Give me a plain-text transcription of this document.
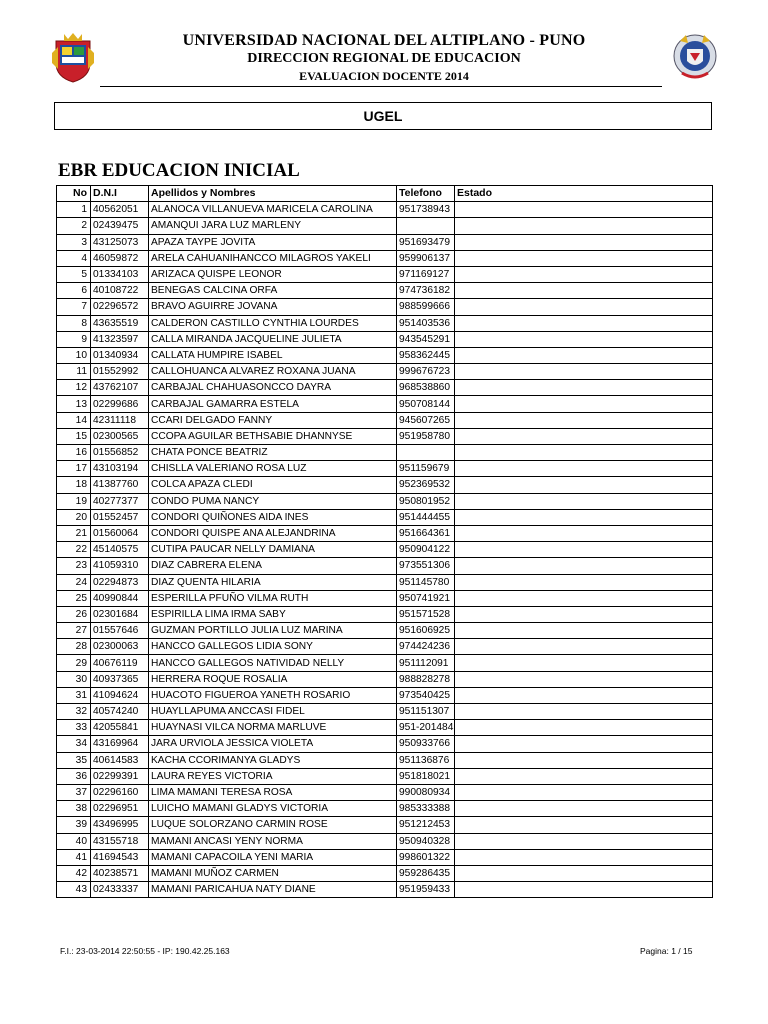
UNIVERSIDAD NACIONAL DEL ALTIPLANO - PUNO
DIRECCION REGIONAL DE EDUCACION
EVALUACION DOCENTE 2014
UGEL
EBR EDUCACION INICIAL
No	D.N.I	Apellidos y Nombres	Telefono	Estado
1	40562051	ALANOCA VILLANUEVA MARICELA CAROLINA	951738943	
2	02439475	AMANQUI JARA LUZ MARLENY		
3	43125073	APAZA TAYPE JOVITA	951693479	
4	46059872	ARELA CAHUANIHANCCO MILAGROS YAKELI	959906137	
5	01334103	ARIZACA QUISPE LEONOR	971169127	
6	40108722	BENEGAS CALCINA ORFA	974736182	
7	02296572	BRAVO AGUIRRE JOVANA	988599666	
8	43635519	CALDERON CASTILLO CYNTHIA LOURDES	951403536	
9	41323597	CALLA MIRANDA JACQUELINE JULIETA	943545291	
10	01340934	CALLATA HUMPIRE ISABEL	958362445	
11	01552992	CALLOHUANCA ALVAREZ ROXANA JUANA	999676723	
12	43762107	CARBAJAL CHAHUASONCCO DAYRA	968538860	
13	02299686	CARBAJAL GAMARRA ESTELA	950708144	
14	42311118	CCARI DELGADO FANNY	945607265	
15	02300565	CCOPA AGUILAR BETHSABIE DHANNYSE	951958780	
16	01556852	CHATA PONCE BEATRIZ		
17	43103194	CHISLLA VALERIANO ROSA LUZ	951159679	
18	41387760	COLCA APAZA CLEDI	952369532	
19	40277377	CONDO PUMA NANCY	950801952	
20	01552457	CONDORI QUIÑONES AIDA INES	951444455	
21	01560064	CONDORI QUISPE ANA ALEJANDRINA	951664361	
22	45140575	CUTIPA PAUCAR NELLY DAMIANA	950904122	
23	41059310	DIAZ CABRERA ELENA	973551306	
24	02294873	DIAZ QUENTA HILARIA	951145780	
25	40990844	ESPERILLA PFUÑO VILMA RUTH	950741921	
26	02301684	ESPIRILLA LIMA IRMA SABY	951571528	
27	01557646	GUZMAN PORTILLO JULIA LUZ MARINA	951606925	
28	02300063	HANCCO GALLEGOS LIDIA SONY	974424236	
29	40676119	HANCCO GALLEGOS NATIVIDAD NELLY	951112091	
30	40937365	HERRERA ROQUE ROSALIA	988828278	
31	41094624	HUACOTO FIGUEROA YANETH ROSARIO	973540425	
32	40574240	HUAYLLAPUMA ANCCASI FIDEL	951151307	
33	42055841	HUAYNASI VILCA NORMA MARLUVE	951-201484	
34	43169964	JARA URVIOLA JESSICA VIOLETA	950933766	
35	40614583	KACHA CCORIMANYA GLADYS	951136876	
36	02299391	LAURA REYES VICTORIA	951818021	
37	02296160	LIMA MAMANI TERESA ROSA	990080934	
38	02296951	LUICHO MAMANI GLADYS VICTORIA	985333388	
39	43496995	LUQUE SOLORZANO CARMIN ROSE	951212453	
40	43155718	MAMANI ANCASI YENY NORMA	950940328	
41	41694543	MAMANI CAPACOILA YENI MARIA	998601322	
42	40238571	MAMANI MUÑOZ CARMEN	959286435	
43	02433337	MAMANI PARICAHUA NATY DIANE	951959433	
F.I.: 23-03-2014 22:50:55 - IP: 190.42.25.163	Pagina: 1 / 15
